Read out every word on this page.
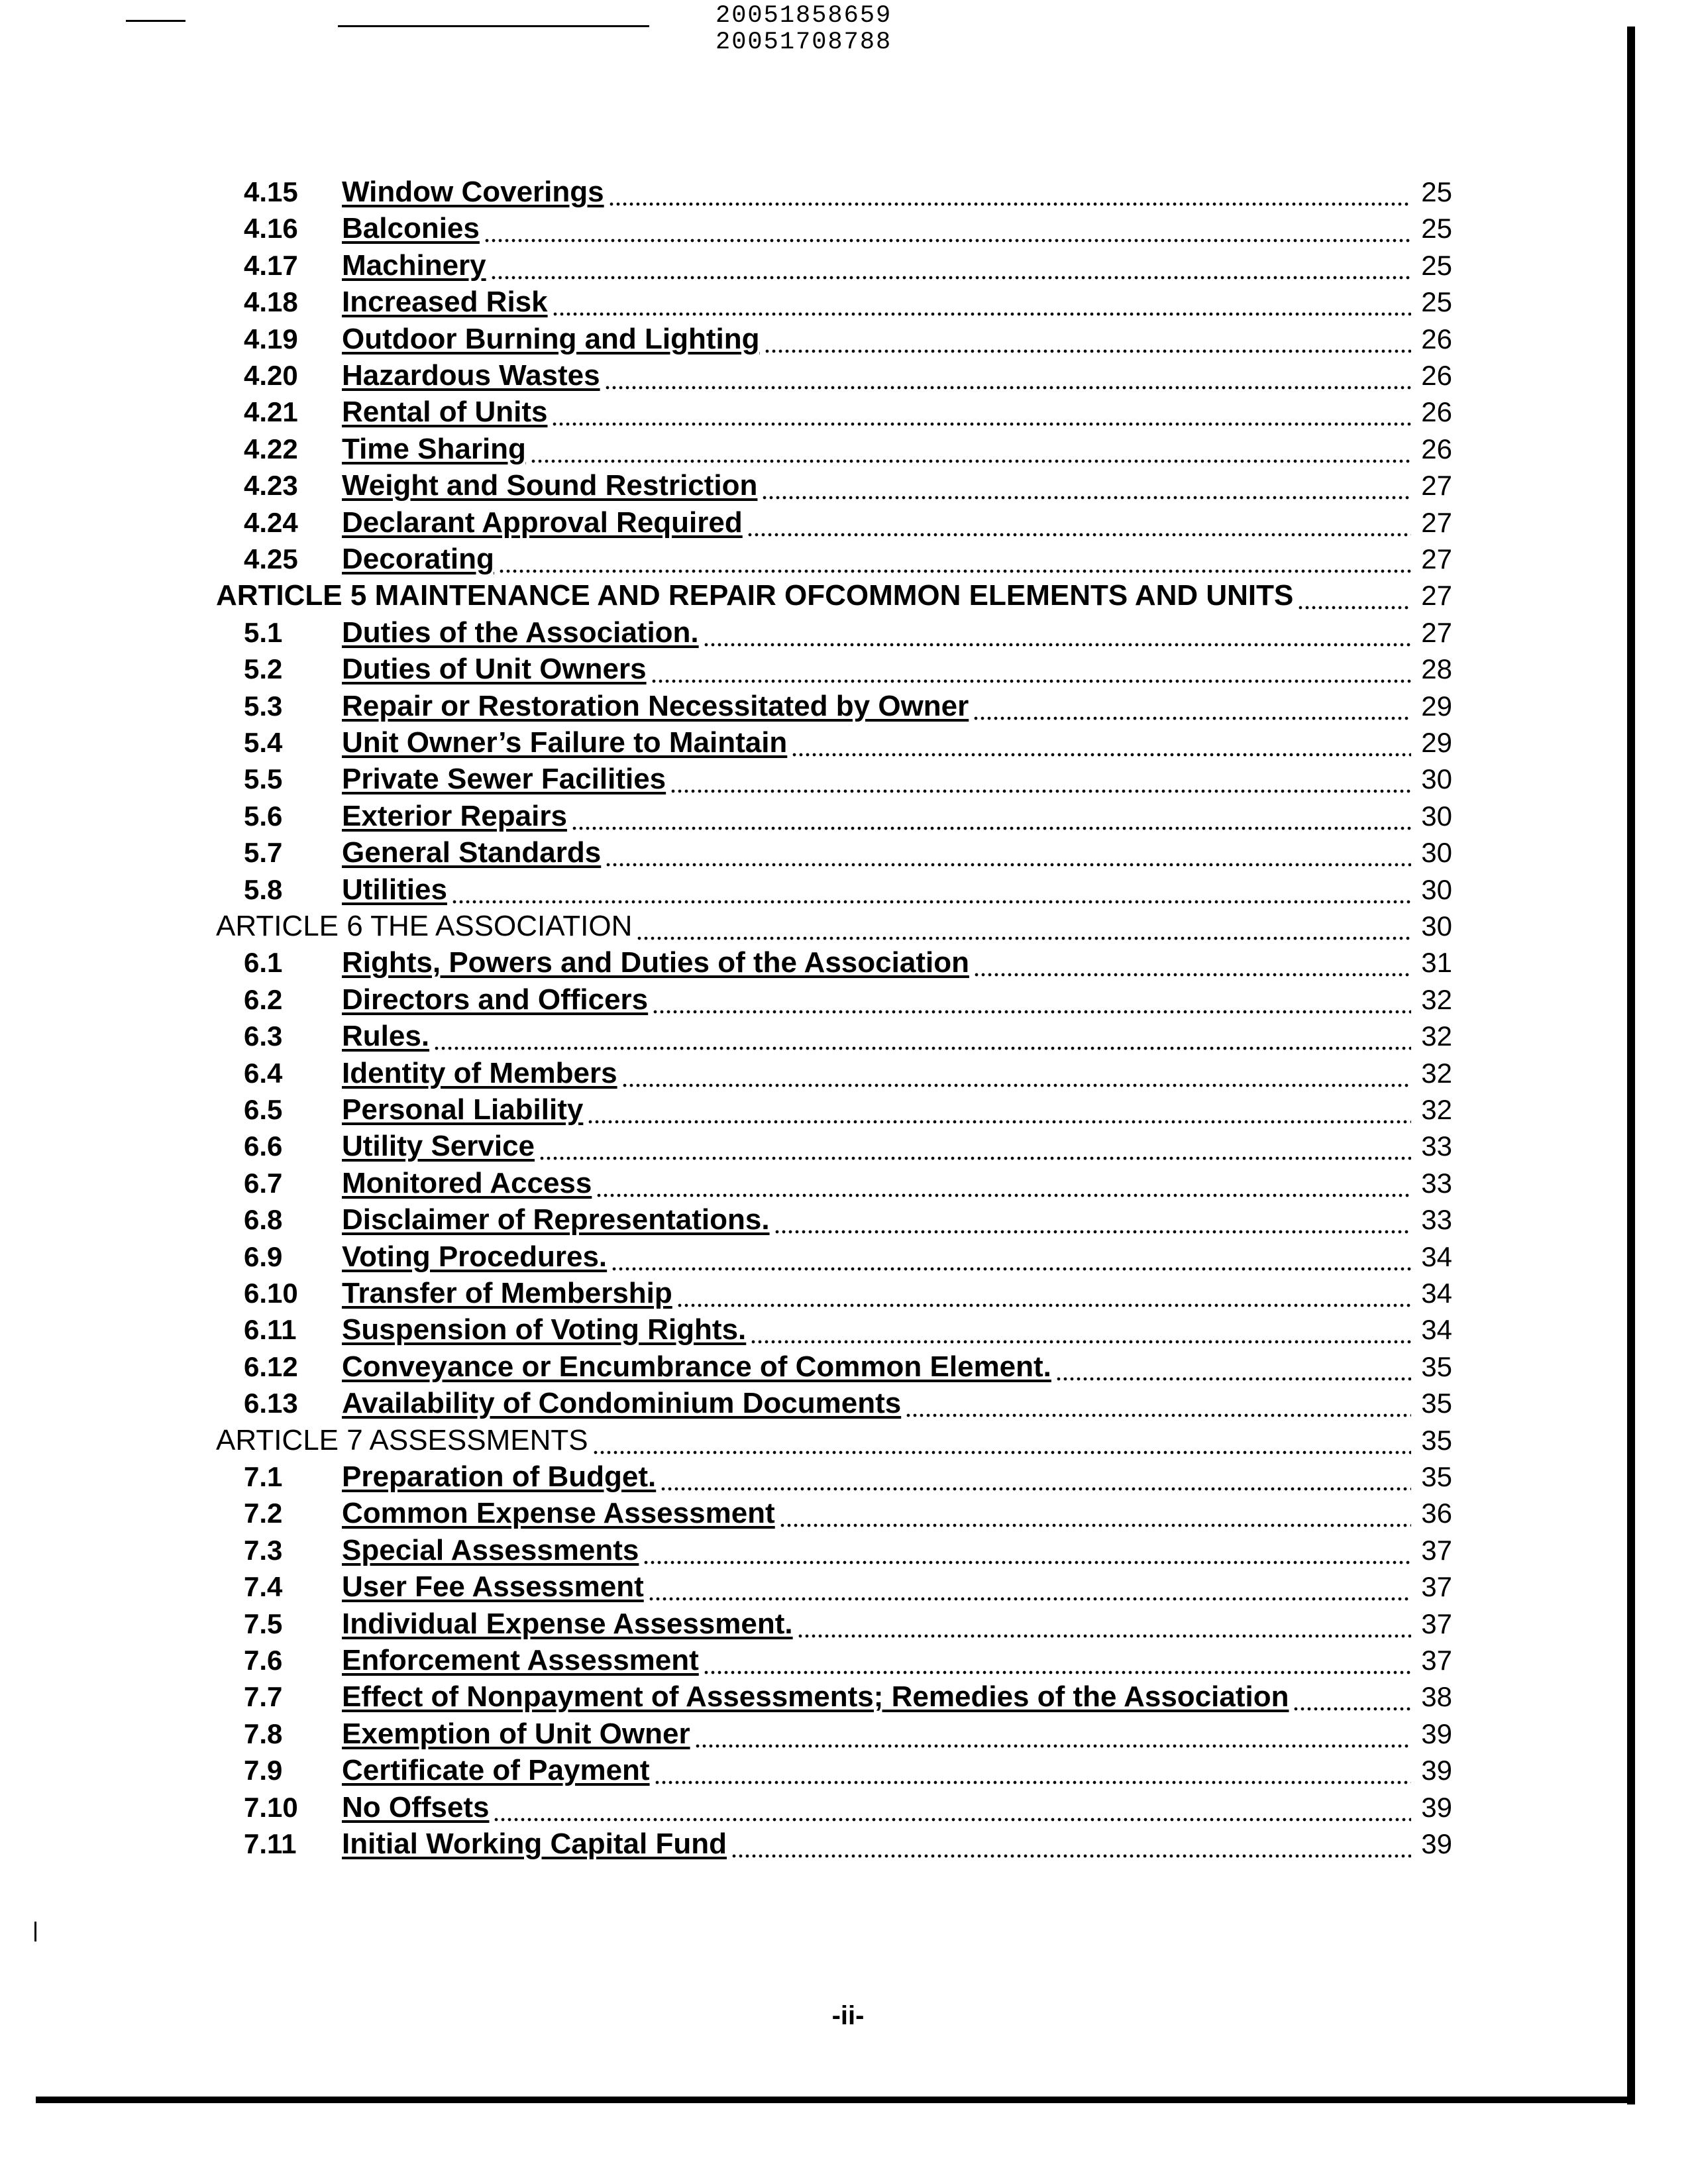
20051858659
20051708788
4.15 Window Coverings	25
4.16 Balconies	25
4.17 Machinery	25
4.18 Increased Risk	25
4.19 Outdoor Burning and Lighting	26
4.20 Hazardous Wastes	26
4.21 Rental of Units	26
4.22 Time Sharing	26
4.23 Weight and Sound Restriction	27
4.24 Declarant Approval Required	27
4.25 Decorating	27
ARTICLE 5 MAINTENANCE AND REPAIR OFCOMMON ELEMENTS AND UNITS	27
5.1 Duties of the Association.	27
5.2 Duties of Unit Owners	28
5.3 Repair or Restoration Necessitated by Owner	29
5.4 Unit Owner’s Failure to Maintain	29
5.5 Private Sewer Facilities	30
5.6 Exterior Repairs	30
5.7 General Standards	30
5.8 Utilities	30
ARTICLE 6 THE ASSOCIATION	30
6.1 Rights, Powers and Duties of the Association	31
6.2 Directors and Officers	32
6.3 Rules.	32
6.4 Identity of Members	32
6.5 Personal Liability	32
6.6 Utility Service	33
6.7 Monitored Access	33
6.8 Disclaimer of Representations.	33
6.9 Voting Procedures.	34
6.10 Transfer of Membership	34
6.11 Suspension of Voting Rights.	34
6.12 Conveyance or Encumbrance of Common Element.	35
6.13 Availability of Condominium Documents	35
ARTICLE 7 ASSESSMENTS	35
7.1 Preparation of Budget.	35
7.2 Common Expense Assessment	36
7.3 Special Assessments	37
7.4 User Fee Assessment	37
7.5 Individual Expense Assessment.	37
7.6 Enforcement Assessment	37
7.7 Effect of Nonpayment of Assessments; Remedies of the Association	38
7.8 Exemption of Unit Owner	39
7.9 Certificate of Payment	39
7.10 No Offsets	39
7.11 Initial Working Capital Fund	39
-ii-
